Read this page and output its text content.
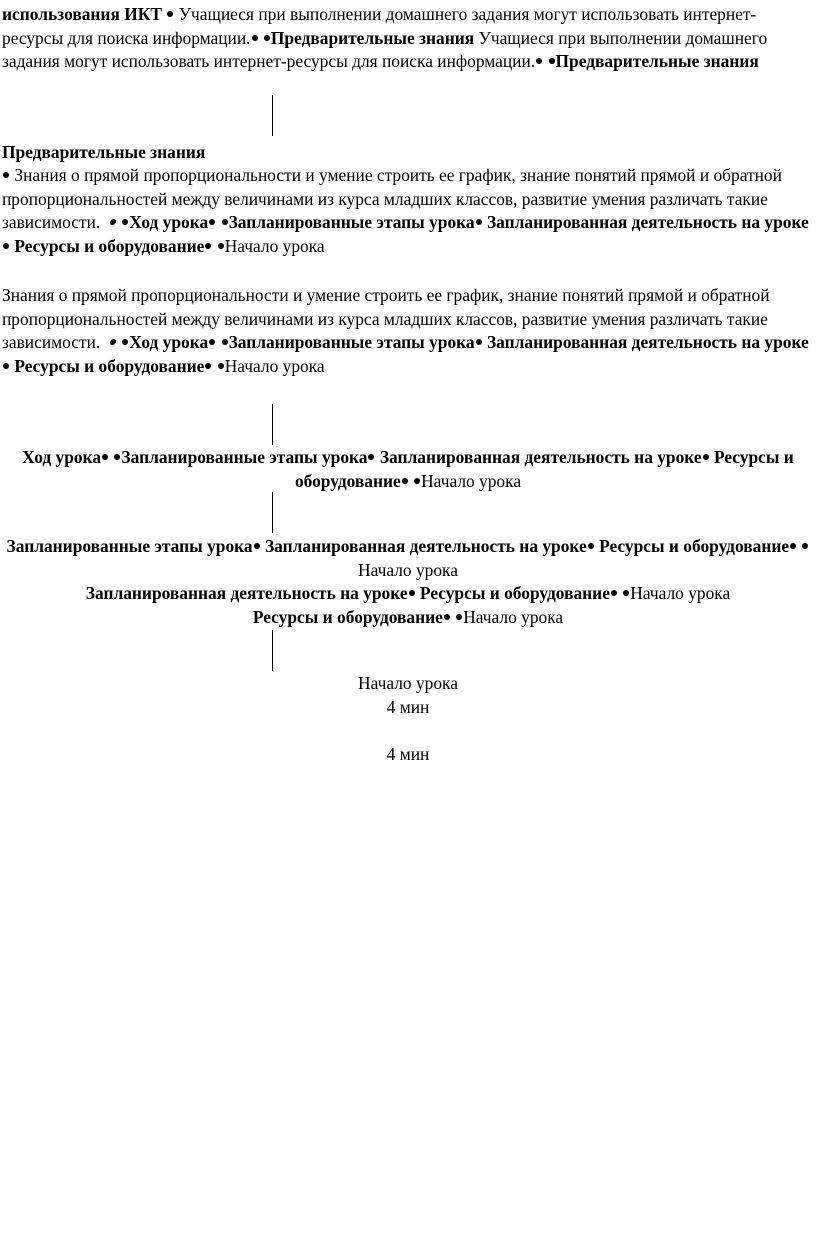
использования ИКТ Учащиеся при выполнении домашнего задания могут использовать интернет-ресурсы для поиска информации. Предварительные знания Учащиеся при выполнении домашнего задания могут использовать интернет-ресурсы для поиска информации. Предварительные знания

Предварительные знания

Знания о прямой пропорциональности и умение строить ее график, знание понятий прямой и обратной пропорциональностей между величинами из курса младших классов, развитие умения различать такие зависимости. Ход урока Запланированные этапы урока Запланированная деятельность на уроке Ресурсы и оборудование Начало урока

Знания о прямой пропорциональности и умение строить ее график, знание понятий прямой и обратной пропорциональностей между величинами из курса младших классов, развитие умения различать такие зависимости. Ход урока Запланированные этапы урока Запланированная деятельность на уроке Ресурсы и оборудование Начало урока

Ход урока Запланированные этапы урока Запланированная деятельность на уроке Ресурсы и оборудование Начало урока

Запланированные этапы урока Запланированная деятельность на уроке Ресурсы и оборудование Начало урока

Запланированная деятельность на уроке Ресурсы и оборудование Начало урока

Ресурсы и оборудование Начало урока

Начало урока

4 мин

4 мин
